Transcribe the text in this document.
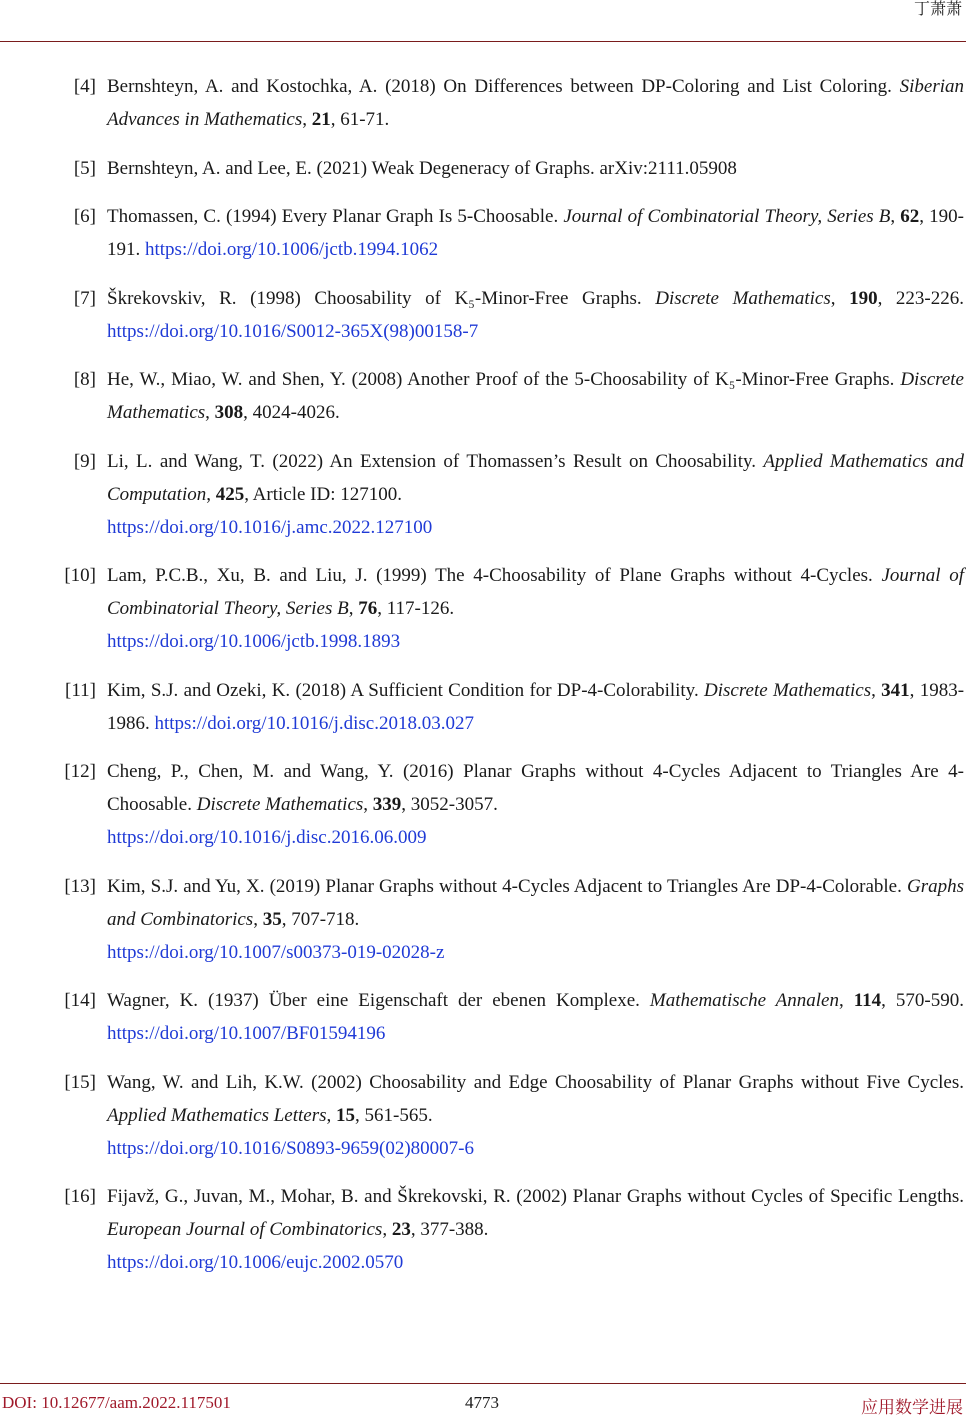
丁萧萧
[4] Bernshteyn, A. and Kostochka, A. (2018) On Differences between DP-Coloring and List Coloring. Siberian Advances in Mathematics, 21, 61-71.
[5] Bernshteyn, A. and Lee, E. (2021) Weak Degeneracy of Graphs. arXiv:2111.05908
[6] Thomassen, C. (1994) Every Planar Graph Is 5-Choosable. Journal of Combinatorial Theory, Series B, 62, 190-191. https://doi.org/10.1006/jctb.1994.1062
[7] Škrekovskiv, R. (1998) Choosability of K₅-Minor-Free Graphs. Discrete Mathematics, 190, 223-226. https://doi.org/10.1016/S0012-365X(98)00158-7
[8] He, W., Miao, W. and Shen, Y. (2008) Another Proof of the 5-Choosability of K₅-Minor-Free Graphs. Discrete Mathematics, 308, 4024-4026.
[9] Li, L. and Wang, T. (2022) An Extension of Thomassen’s Result on Choosability. Applied Mathematics and Computation, 425, Article ID: 127100.
https://doi.org/10.1016/j.amc.2022.127100
[10] Lam, P.C.B., Xu, B. and Liu, J. (1999) The 4-Choosability of Plane Graphs without 4-Cycles. Journal of Combinatorial Theory, Series B, 76, 117-126.
https://doi.org/10.1006/jctb.1998.1893
[11] Kim, S.J. and Ozeki, K. (2018) A Sufficient Condition for DP-4-Colorability. Discrete Mathematics, 341, 1983-1986. https://doi.org/10.1016/j.disc.2018.03.027
[12] Cheng, P., Chen, M. and Wang, Y. (2016) Planar Graphs without 4-Cycles Adjacent to Triangles Are 4-Choosable. Discrete Mathematics, 339, 3052-3057.
https://doi.org/10.1016/j.disc.2016.06.009
[13] Kim, S.J. and Yu, X. (2019) Planar Graphs without 4-Cycles Adjacent to Triangles Are DP-4-Colorable. Graphs and Combinatorics, 35, 707-718.
https://doi.org/10.1007/s00373-019-02028-z
[14] Wagner, K. (1937) Über eine Eigenschaft der ebenen Komplexe. Mathematische Annalen, 114, 570-590. https://doi.org/10.1007/BF01594196
[15] Wang, W. and Lih, K.W. (2002) Choosability and Edge Choosability of Planar Graphs without Five Cycles. Applied Mathematics Letters, 15, 561-565.
https://doi.org/10.1016/S0893-9659(02)80007-6
[16] Fijavž, G., Juvan, M., Mohar, B. and Škrekovski, R. (2002) Planar Graphs without Cycles of Specific Lengths. European Journal of Combinatorics, 23, 377-388.
https://doi.org/10.1006/eujc.2002.0570
DOI: 10.12677/aam.2022.117501	4773	应用数学进展
